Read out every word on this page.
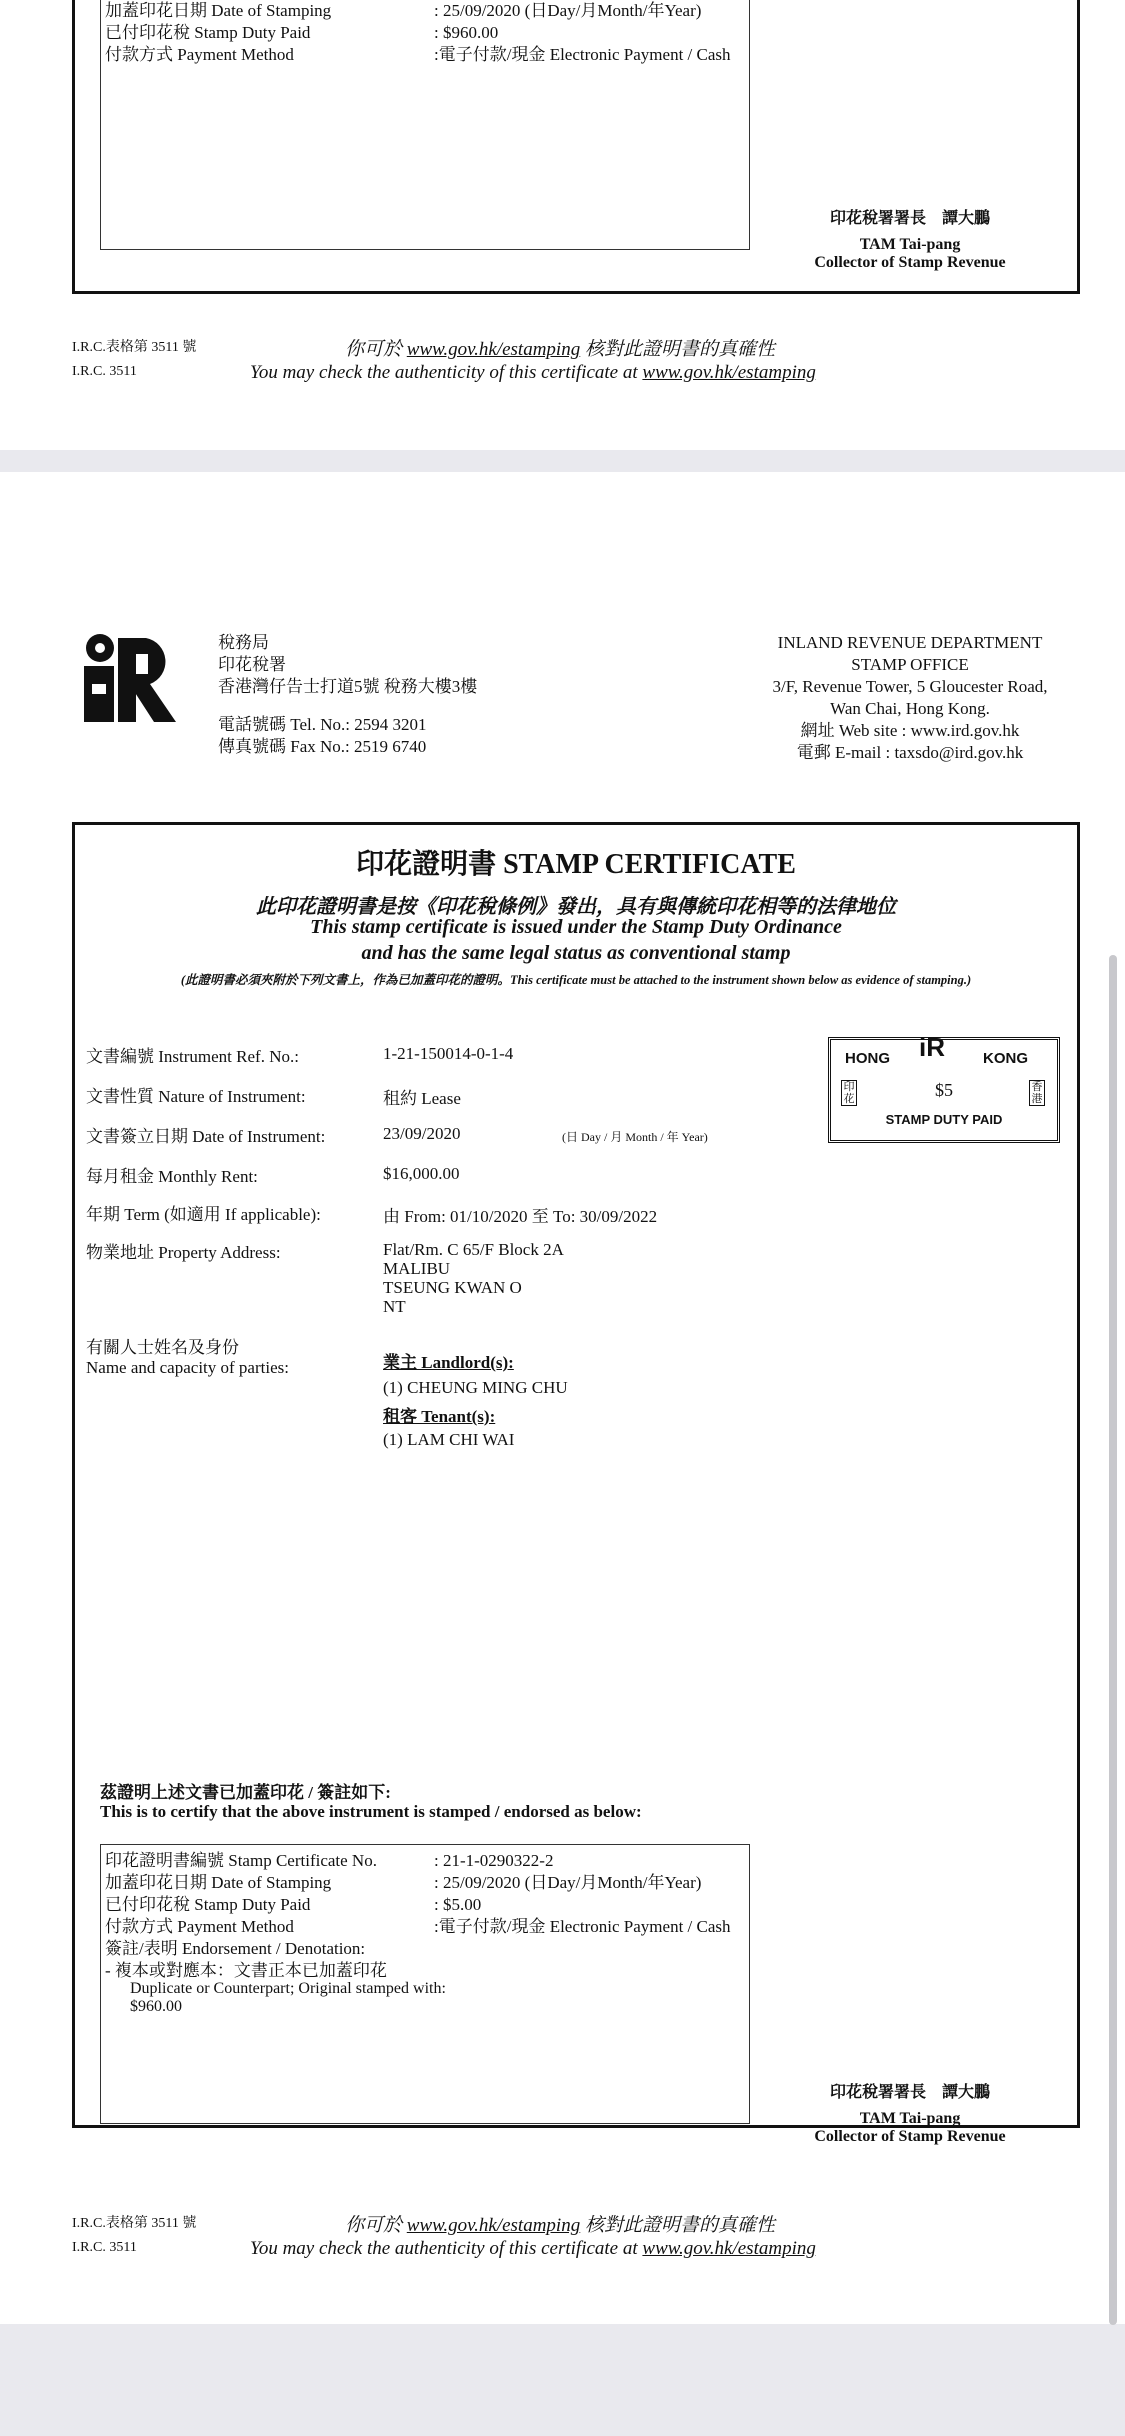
加蓋印花日期 Date of Stamping	: 25/09/2020 (日Day/月Month/年Year)
已付印花稅 Stamp Duty Paid	: $960.00
付款方式 Payment Method	:電子付款/現金 Electronic Payment / Cash
印花稅署署長　譚大鵬
TAM Tai-pang
Collector of Stamp Revenue
I.R.C.表格第 3511 號
I.R.C. 3511
你可於 www.gov.hk/estamping 核對此證明書的真確性
You may check the authenticity of this certificate at www.gov.hk/estamping
稅務局
印花稅署
香港灣仔告士打道5號 稅務大樓3樓
電話號碼 Tel. No.: 2594 3201
傳真號碼 Fax No.: 2519 6740
INLAND REVENUE DEPARTMENT
STAMP OFFICE
3/F, Revenue Tower, 5 Gloucester Road,
Wan Chai, Hong Kong.
網址 Web site : www.ird.gov.hk
電郵 E-mail : taxsdo@ird.gov.hk
印花證明書 STAMP CERTIFICATE
此印花證明書是按《印花稅條例》發出，具有與傳統印花相等的法律地位
This stamp certificate is issued under the Stamp Duty Ordinance
and has the same legal status as conventional stamp
(此證明書必須夾附於下列文書上，作為已加蓋印花的證明。This certificate must be attached to the instrument shown below as evidence of stamping.)
文書編號 Instrument Ref. No.:	1-21-150014-0-1-4
文書性質 Nature of Instrument:	租約 Lease
文書簽立日期 Date of Instrument:	23/09/2020	(日 Day / 月 Month / 年 Year)
每月租金 Monthly Rent:	$16,000.00
年期 Term (如適用 If applicable):	由 From: 01/10/2020 至 To: 30/09/2022
物業地址 Property Address:	Flat/Rm. C 65/F Block 2A
MALIBU
TSEUNG KWAN O
NT
有關人士姓名及身份
Name and capacity of parties:	業主 Landlord(s):
(1) CHEUNG MING CHU
租客 Tenant(s):
(1) LAM CHI WAI
HONG iR	KONG
印花
香港
$5
STAMP DUTY PAID
茲證明上述文書已加蓋印花 / 簽註如下:
This is to certify that the above instrument is stamped / endorsed as below:
印花證明書編號 Stamp Certificate No.	: 21-1-0290322-2
加蓋印花日期 Date of Stamping	: 25/09/2020 (日Day/月Month/年Year)
已付印花稅 Stamp Duty Paid	: $5.00
付款方式 Payment Method	:電子付款/現金 Electronic Payment / Cash
簽註/表明 Endorsement / Denotation:
- 複本或對應本：文書正本已加蓋印花
Duplicate or Counterpart; Original stamped with:
$960.00
印花稅署署長　譚大鵬
TAM Tai-pang
Collector of Stamp Revenue
I.R.C.表格第 3511 號
I.R.C. 3511
你可於 www.gov.hk/estamping 核對此證明書的真確性
You may check the authenticity of this certificate at www.gov.hk/estamping
